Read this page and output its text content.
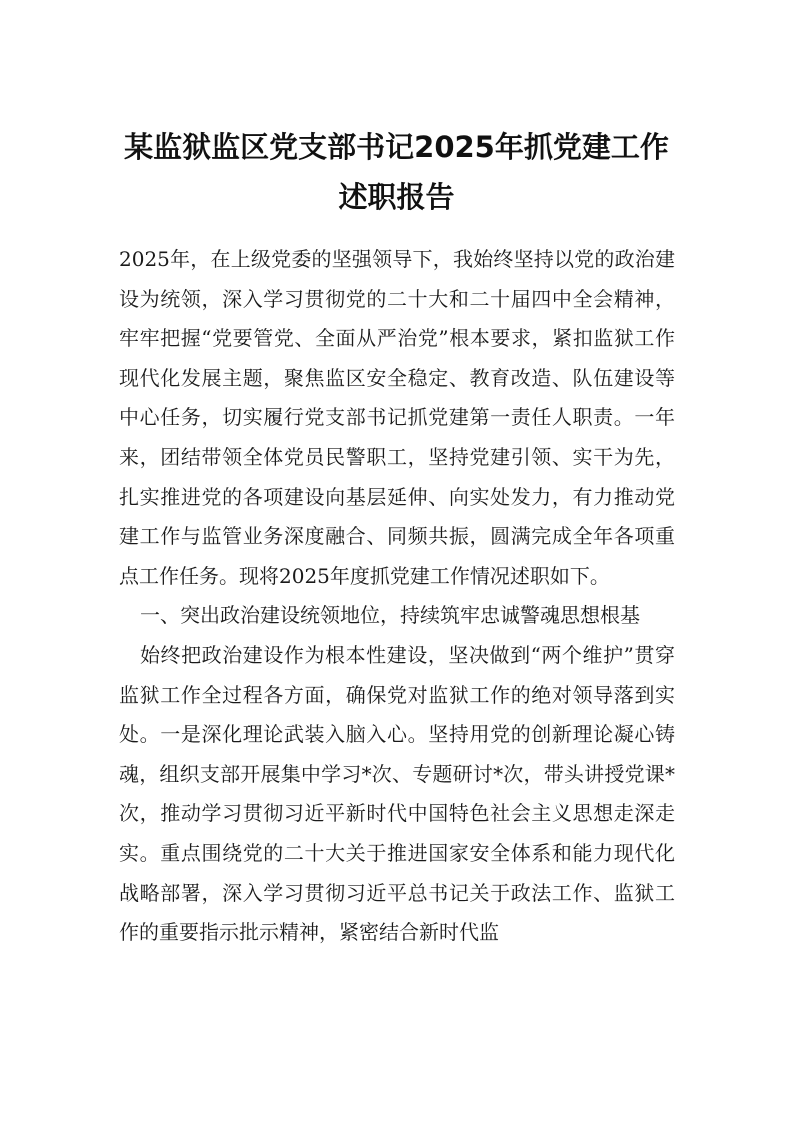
某监狱监区党支部书记2025年抓党建工作
述职报告

2025年，在上级党委的坚强领导下，我始终坚持以党的政治建设为统领，深入学习贯彻党的二十大和二十届四中全会精神，牢牢把握“党要管党、全面从严治党”根本要求，紧扣监狱工作现代化发展主题，聚焦监区安全稳定、教育改造、队伍建设等中心任务，切实履行党支部书记抓党建第一责任人职责。一年来，团结带领全体党员民警职工，坚持党建引领、实干为先，扎实推进党的各项建设向基层延伸、向实处发力，有力推动党建工作与监管业务深度融合、同频共振，圆满完成全年各项重点工作任务。现将2025年度抓党建工作情况述职如下。

一、突出政治建设统领地位，持续筑牢忠诚警魂思想根基

始终把政治建设作为根本性建设，坚决做到“两个维护”贯穿监狱工作全过程各方面，确保党对监狱工作的绝对领导落到实处。一是深化理论武装入脑入心。坚持用党的创新理论凝心铸魂，组织支部开展集中学习*次、专题研讨*次，带头讲授党课*次，推动学习贯彻习近平新时代中国特色社会主义思想走深走实。重点围绕党的二十大关于推进国家安全体系和能力现代化战略部署，深入学习贯彻习近平总书记关于政法工作、监狱工作的重要指示批示精神，紧密结合新时代监
